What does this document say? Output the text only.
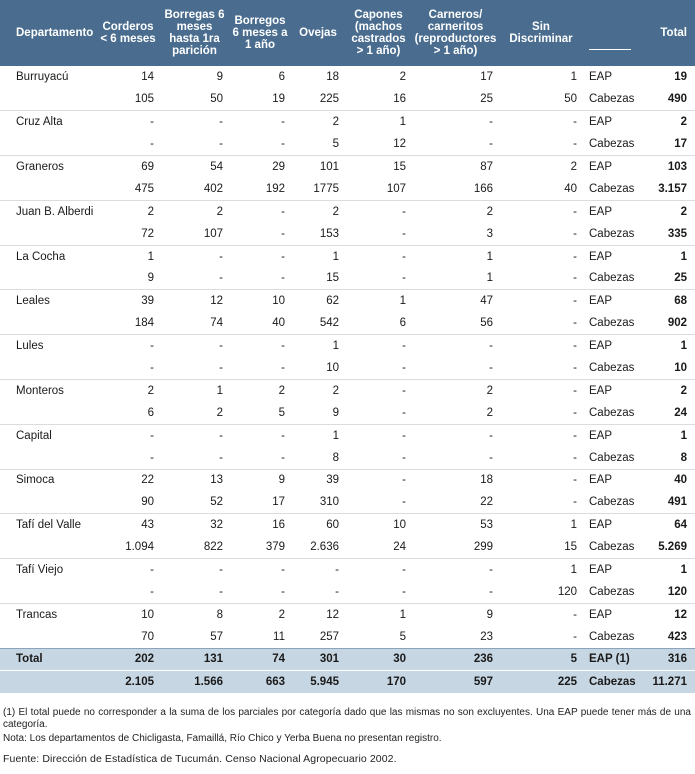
Departamento	Corderos < 6 meses	Borregas 6 meses hasta 1ra parición	Borregos 6 meses a 1 año	Ovejas	Capones (machos castrados > 1 año)	Carneros/ carneritos (reproductores > 1 año)	Sin Discriminar		Total
Burruyacú	14	9	6	18	2	17	1	EAP	19
	105	50	19	225	16	25	50	Cabezas	490
Cruz Alta	-	-	-	2	1	-	-	EAP	2
	-	-	-	5	12	-	-	Cabezas	17
Graneros	69	54	29	101	15	87	2	EAP	103
	475	402	192	1775	107	166	40	Cabezas	3.157
Juan B. Alberdi	2	2	-	2	-	2	-	EAP	2
	72	107	-	153	-	3	-	Cabezas	335
La Cocha	1	-	-	1	-	1	-	EAP	1
	9	-	-	15	-	1	-	Cabezas	25
Leales	39	12	10	62	1	47	-	EAP	68
	184	74	40	542	6	56	-	Cabezas	902
Lules	-	-	-	1	-	-	-	EAP	1
	-	-	-	10	-	-	-	Cabezas	10
Monteros	2	1	2	2	-	2	-	EAP	2
	6	2	5	9	-	2	-	Cabezas	24
Capital	-	-	-	1	-	-	-	EAP	1
	-	-	-	8	-	-	-	Cabezas	8
Simoca	22	13	9	39	-	18	-	EAP	40
	90	52	17	310	-	22	-	Cabezas	491
Tafí del Valle	43	32	16	60	10	53	1	EAP	64
	1.094	822	379	2.636	24	299	15	Cabezas	5.269
Tafí Viejo	-	-	-	-	-	-	1	EAP	1
	-	-	-	-	-	-	120	Cabezas	120
Trancas	10	8	2	12	1	9	-	EAP	12
	70	57	11	257	5	23	-	Cabezas	423
Total	202	131	74	301	30	236	5	EAP (1)	316
	2.105	1.566	663	5.945	170	597	225	Cabezas	11.271
(1) El total puede no corresponder a la suma de los parciales por categoría dado que las mismas no son excluyentes. Una EAP puede tener más de una categoría.
Nota: Los departamentos de Chicligasta, Famaillá, Río Chico y Yerba Buena no presentan registro.
Fuente: Dirección de Estadística de Tucumán. Censo Nacional Agropecuario 2002.
